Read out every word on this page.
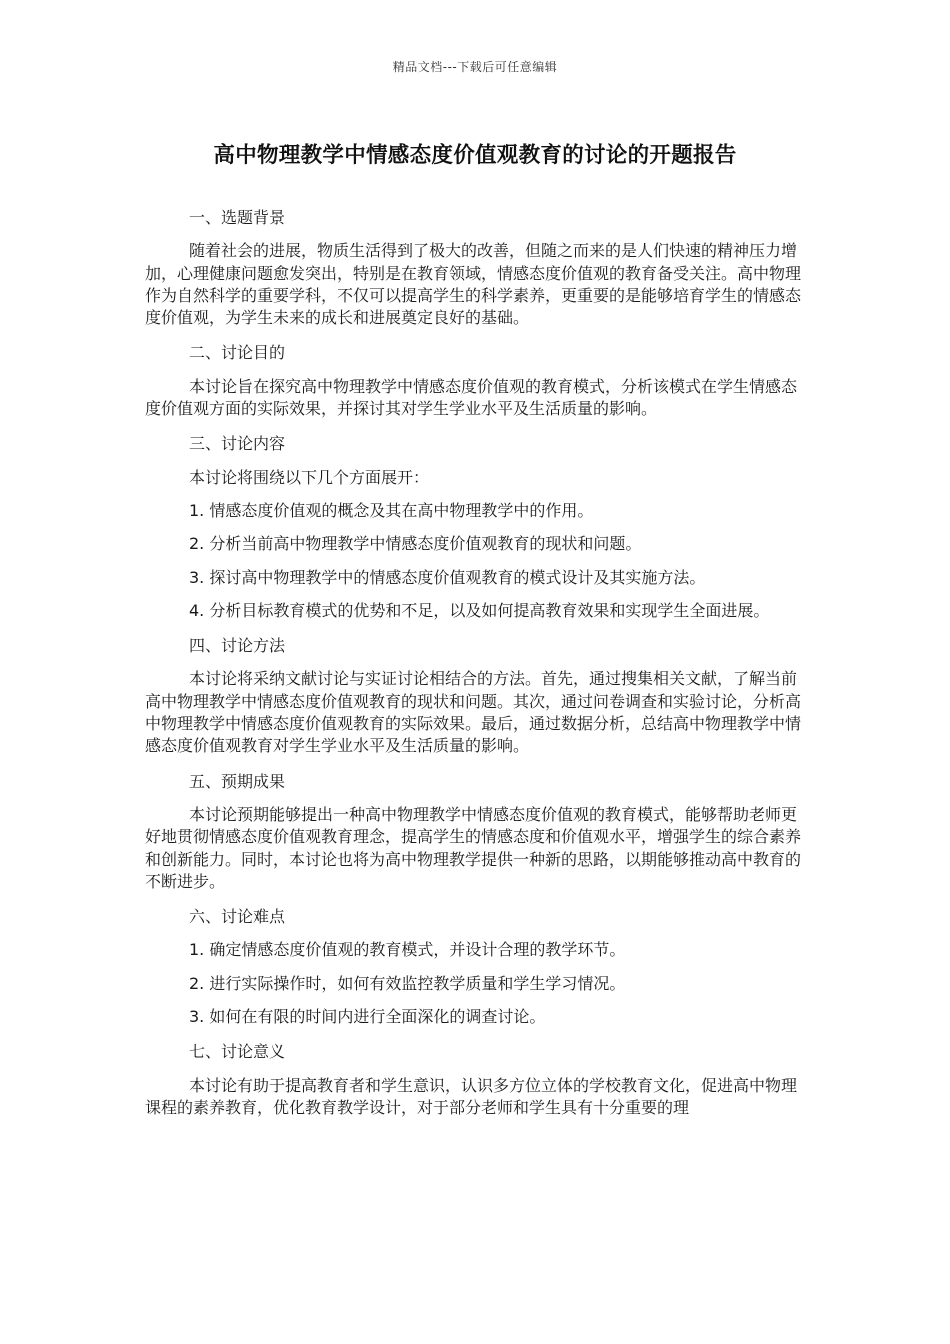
精品文档---下载后可任意编辑
高中物理教学中情感态度价值观教育的讨论的开题报告

一、选题背景

随着社会的进展，物质生活得到了极大的改善，但随之而来的是人们快速的精神压力增加，心理健康问题愈发突出，特别是在教育领域，情感态度价值观的教育备受关注。高中物理作为自然科学的重要学科，不仅可以提高学生的科学素养，更重要的是能够培育学生的情感态度价值观，为学生未来的成长和进展奠定良好的基础。

二、讨论目的

本讨论旨在探究高中物理教学中情感态度价值观的教育模式，分析该模式在学生情感态度价值观方面的实际效果，并探讨其对学生学业水平及生活质量的影响。

三、讨论内容

本讨论将围绕以下几个方面展开：

1. 情感态度价值观的概念及其在高中物理教学中的作用。

2. 分析当前高中物理教学中情感态度价值观教育的现状和问题。

3. 探讨高中物理教学中的情感态度价值观教育的模式设计及其实施方法。

4. 分析目标教育模式的优势和不足，以及如何提高教育效果和实现学生全面进展。

四、讨论方法

本讨论将采纳文献讨论与实证讨论相结合的方法。首先，通过搜集相关文献，了解当前高中物理教学中情感态度价值观教育的现状和问题。其次，通过问卷调查和实验讨论，分析高中物理教学中情感态度价值观教育的实际效果。最后，通过数据分析，总结高中物理教学中情感态度价值观教育对学生学业水平及生活质量的影响。

五、预期成果

本讨论预期能够提出一种高中物理教学中情感态度价值观的教育模式，能够帮助老师更好地贯彻情感态度价值观教育理念，提高学生的情感态度和价值观水平，增强学生的综合素养和创新能力。同时，本讨论也将为高中物理教学提供一种新的思路，以期能够推动高中教育的不断进步。

六、讨论难点

1. 确定情感态度价值观的教育模式，并设计合理的教学环节。

2. 进行实际操作时，如何有效监控教学质量和学生学习情况。

3. 如何在有限的时间内进行全面深化的调查讨论。

七、讨论意义

本讨论有助于提高教育者和学生意识，认识多方位立体的学校教育文化，促进高中物理课程的素养教育，优化教育教学设计，对于部分老师和学生具有十分重要的理
